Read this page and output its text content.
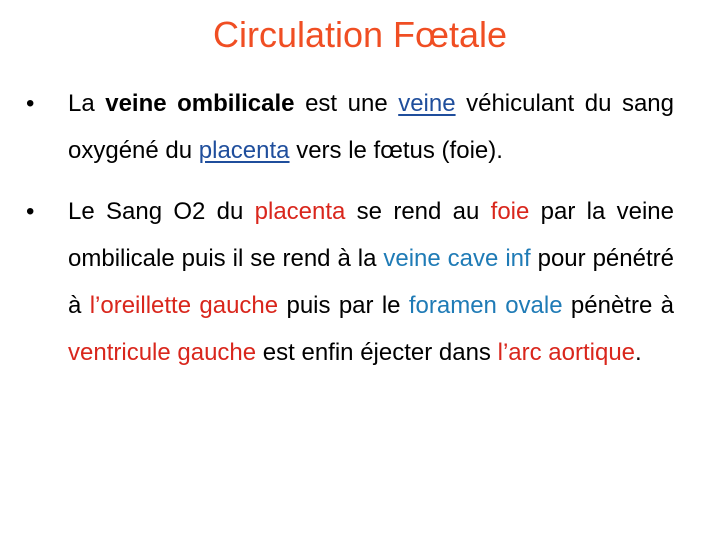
Circulation Fœtale
•	La veine ombilicale est une veine véhiculant du sang oxygéné du placenta vers le fœtus (foie).
•	Le Sang O2 du placenta se rend au foie par la veine ombilicale puis il se rend à la veine cave inf pour pénétré à l’oreillette gauche puis par le foramen ovale pénètre à ventricule gauche est enfin éjecter dans l’arc aortique.
